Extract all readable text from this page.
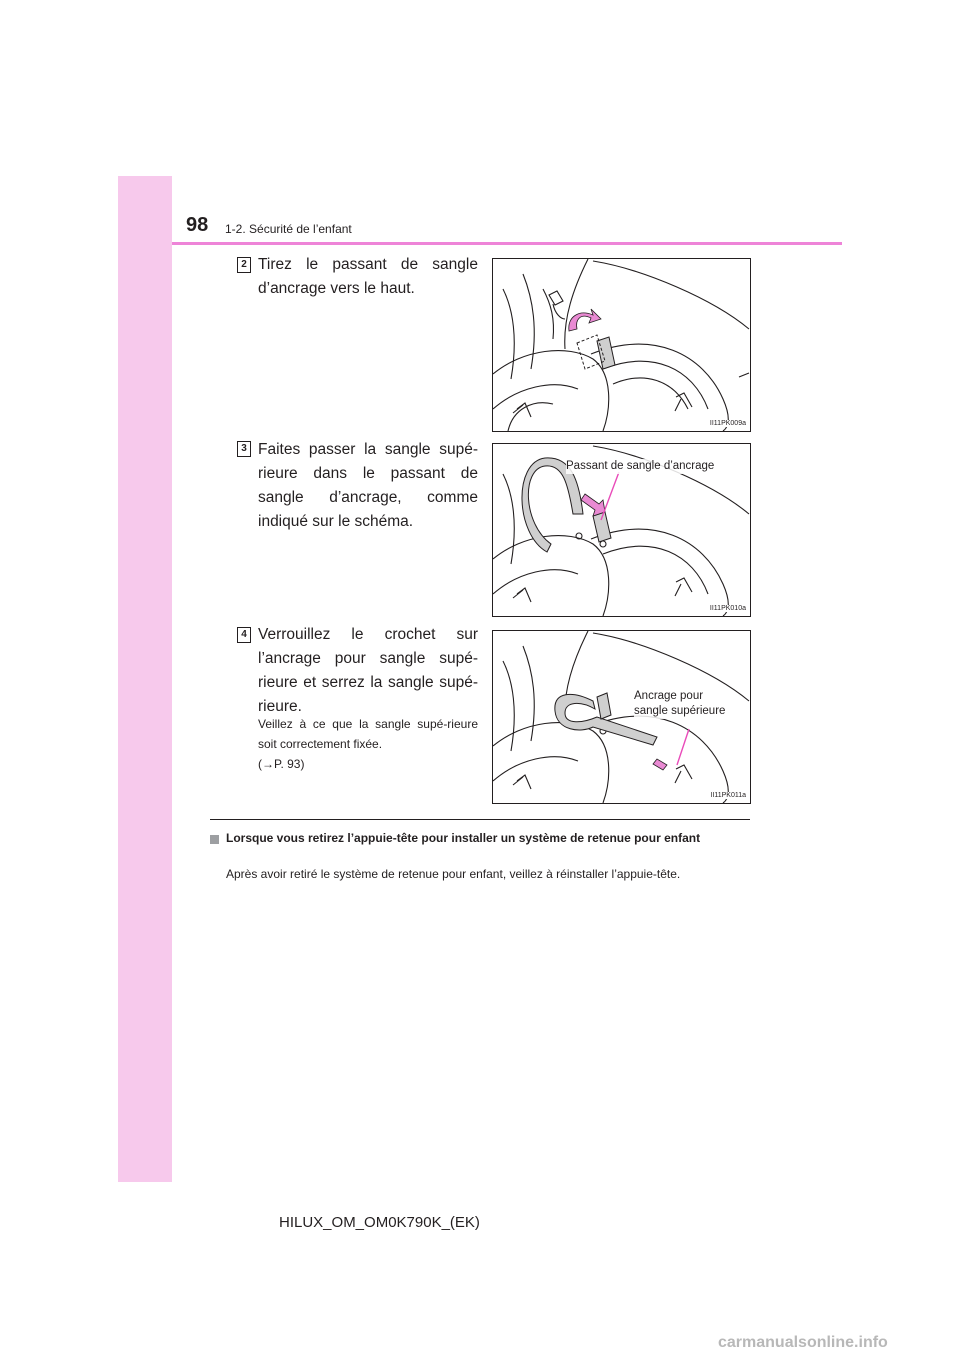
98 1-2. Sécurité de l’enfant
2 Tirez le passant de sangle d’ancrage vers le haut.
II11PK009a
3 Faites passer la sangle supé-rieure dans le passant de sangle d’ancrage, comme indiqué sur le schéma.
Passant de sangle d’ancrage
II11PK010a
4 Verrouillez le crochet sur l’ancrage pour sangle supé-rieure et serrez la sangle supé-rieure.
Veillez à ce que la sangle supé-rieure soit correctement fixée.
(→P. 93)
Ancrage pour
sangle supérieure
II11PK011a
Lorsque vous retirez l’appuie-tête pour installer un système de retenue pour enfant
Après avoir retiré le système de retenue pour enfant, veillez à réinstaller l’appuie-tête.
HILUX_OM_OM0K790K_(EK)
carmanualsonline.info
